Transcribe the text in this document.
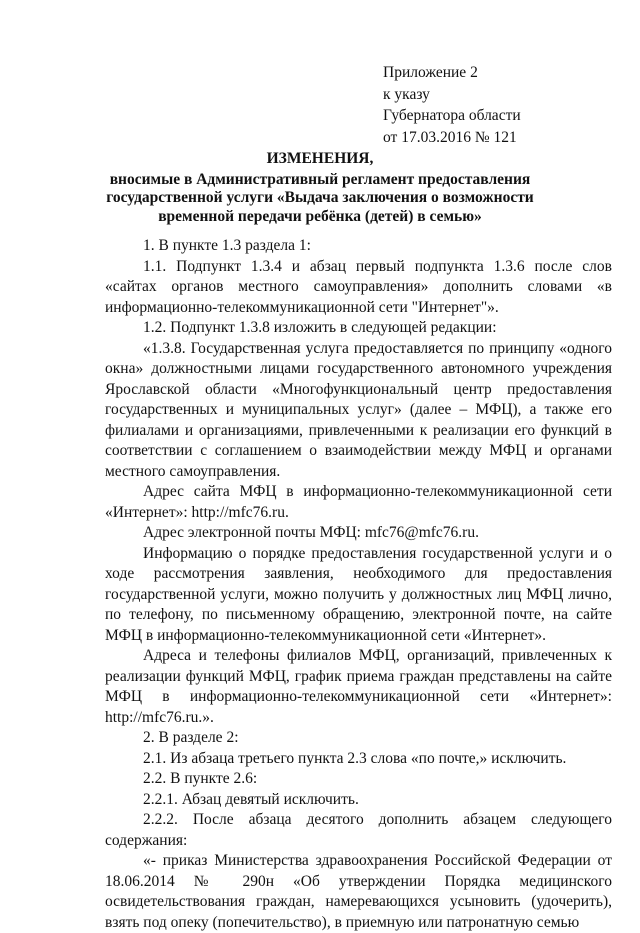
Приложение 2
к указу
Губернатора области
от 17.03.2016 № 121
ИЗМЕНЕНИЯ,
вносимые в Административный регламент предоставления
государственной услуги «Выдача заключения о возможности
временной передачи ребёнка (детей) в семью»

1. В пункте 1.3 раздела 1:

1.1. Подпункт 1.3.4 и абзац первый подпункта 1.3.6 после слов «сайтах органов местного самоуправления» дополнить словами «в информационно-телекоммуникационной сети "Интернет"».

1.2. Подпункт 1.3.8 изложить в следующей редакции:

«1.3.8. Государственная услуга предоставляется по принципу «одного окна» должностными лицами государственного автономного учреждения Ярославской области «Многофункциональный центр предоставления государственных и муниципальных услуг» (далее – МФЦ), а также его филиалами и организациями, привлеченными к реализации его функций в соответствии с соглашением о взаимодействии между МФЦ и органами местного самоуправления.

Адрес сайта МФЦ в информационно-телекоммуникационной сети «Интернет»: http://mfc76.ru.

Адрес электронной почты МФЦ: mfc76@mfc76.ru.

Информацию о порядке предоставления государственной услуги и о ходе рассмотрения заявления, необходимого для предоставления государственной услуги, можно получить у должностных лиц МФЦ лично, по телефону, по письменному обращению, электронной почте, на сайте МФЦ в информационно-телекоммуникационной сети «Интернет».

Адреса и телефоны филиалов МФЦ, организаций, привлеченных к реализации функций МФЦ, график приема граждан представлены на сайте МФЦ в информационно-телекоммуникационной сети «Интернет»: http://mfc76.ru.».

2. В разделе 2:

2.1. Из абзаца третьего пункта 2.3 слова «по почте,» исключить.

2.2. В пункте 2.6:

2.2.1. Абзац девятый исключить.

2.2.2. После абзаца десятого дополнить абзацем следующего содержания:

«- приказ Министерства здравоохранения Российской Федерации от 18.06.2014 № 290н «Об утверждении Порядка медицинского освидетельствования граждан, намеревающихся усыновить (удочерить), взять под опеку (попечительство), в приемную или патронатную семью
